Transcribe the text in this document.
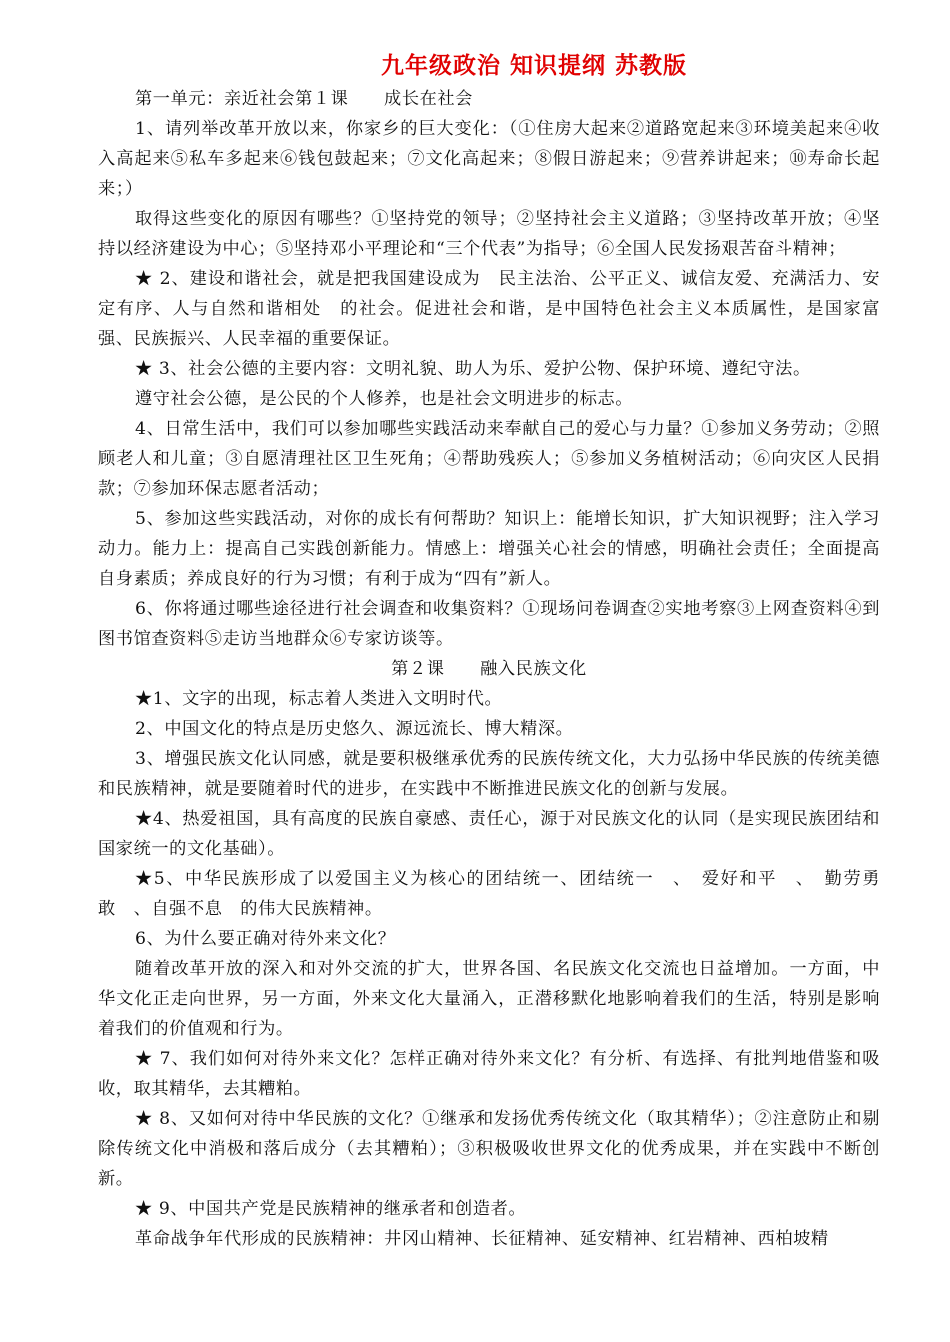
九年级政治 知识提纲 苏教版

第一单元：亲近社会第１课　　成长在社会

1、请列举改革开放以来，你家乡的巨大变化：（①住房大起来②道路宽起来③环境美起来④收入高起来⑤私车多起来⑥钱包鼓起来；⑦文化高起来；⑧假日游起来；⑨营养讲起来；⑩寿命长起来；）

取得这些变化的原因有哪些？①坚持党的领导；②坚持社会主义道路；③坚持改革开放；④坚持以经济建设为中心；⑤坚持邓小平理论和“三个代表”为指导；⑥全国人民发扬艰苦奋斗精神；

★ 2、建设和谐社会，就是把我国建设成为　民主法治、公平正义、诚信友爱、充满活力、安定有序、人与自然和谐相处　的社会。促进社会和谐，是中国特色社会主义本质属性，是国家富强、民族振兴、人民幸福的重要保证。

★ 3、社会公德的主要内容：文明礼貌、助人为乐、爱护公物、保护环境、遵纪守法。

遵守社会公德，是公民的个人修养，也是社会文明进步的标志。

4、日常生活中，我们可以参加哪些实践活动来奉献自己的爱心与力量？①参加义务劳动；②照顾老人和儿童；③自愿清理社区卫生死角；④帮助残疾人；⑤参加义务植树活动；⑥向灾区人民捐款；⑦参加环保志愿者活动；

5、参加这些实践活动，对你的成长有何帮助？知识上：能增长知识，扩大知识视野；注入学习动力。能力上：提高自己实践创新能力。情感上：增强关心社会的情感，明确社会责任；全面提高自身素质；养成良好的行为习惯；有利于成为“四有”新人。

6、你将通过哪些途径进行社会调查和收集资料？①现场问卷调查②实地考察③上网查资料④到图书馆查资料⑤走访当地群众⑥专家访谈等。

第２课　　融入民族文化

★1、文字的出现，标志着人类进入文明时代。

2、中国文化的特点是历史悠久、源远流长、博大精深。

3、增强民族文化认同感，就是要积极继承优秀的民族传统文化，大力弘扬中华民族的传统美德和民族精神，就是要随着时代的进步，在实践中不断推进民族文化的创新与发展。

★4、热爱祖国，具有高度的民族自豪感、责任心，源于对民族文化的认同（是实现民族团结和国家统一的文化基础）。

★5、中华民族形成了以爱国主义为核心的团结统一、团结统一　、　爱好和平　、　勤劳勇敢　、自强不息　的伟大民族精神。

6、为什么要正确对待外来文化？

随着改革开放的深入和对外交流的扩大，世界各国、名民族文化交流也日益增加。一方面，中华文化正走向世界，另一方面，外来文化大量涌入，正潜移默化地影响着我们的生活，特别是影响着我们的价值观和行为。

★ 7、我们如何对待外来文化？怎样正确对待外来文化？有分析、有选择、有批判地借鉴和吸收，取其精华，去其糟粕。

★ 8、又如何对待中华民族的文化？①继承和发扬优秀传统文化（取其精华）；②注意防止和剔除传统文化中消极和落后成分（去其糟粕）；③积极吸收世界文化的优秀成果，并在实践中不断创新。

★ 9、中国共产党是民族精神的继承者和创造者。

革命战争年代形成的民族精神：井冈山精神、长征精神、延安精神、红岩精神、西柏坡精
